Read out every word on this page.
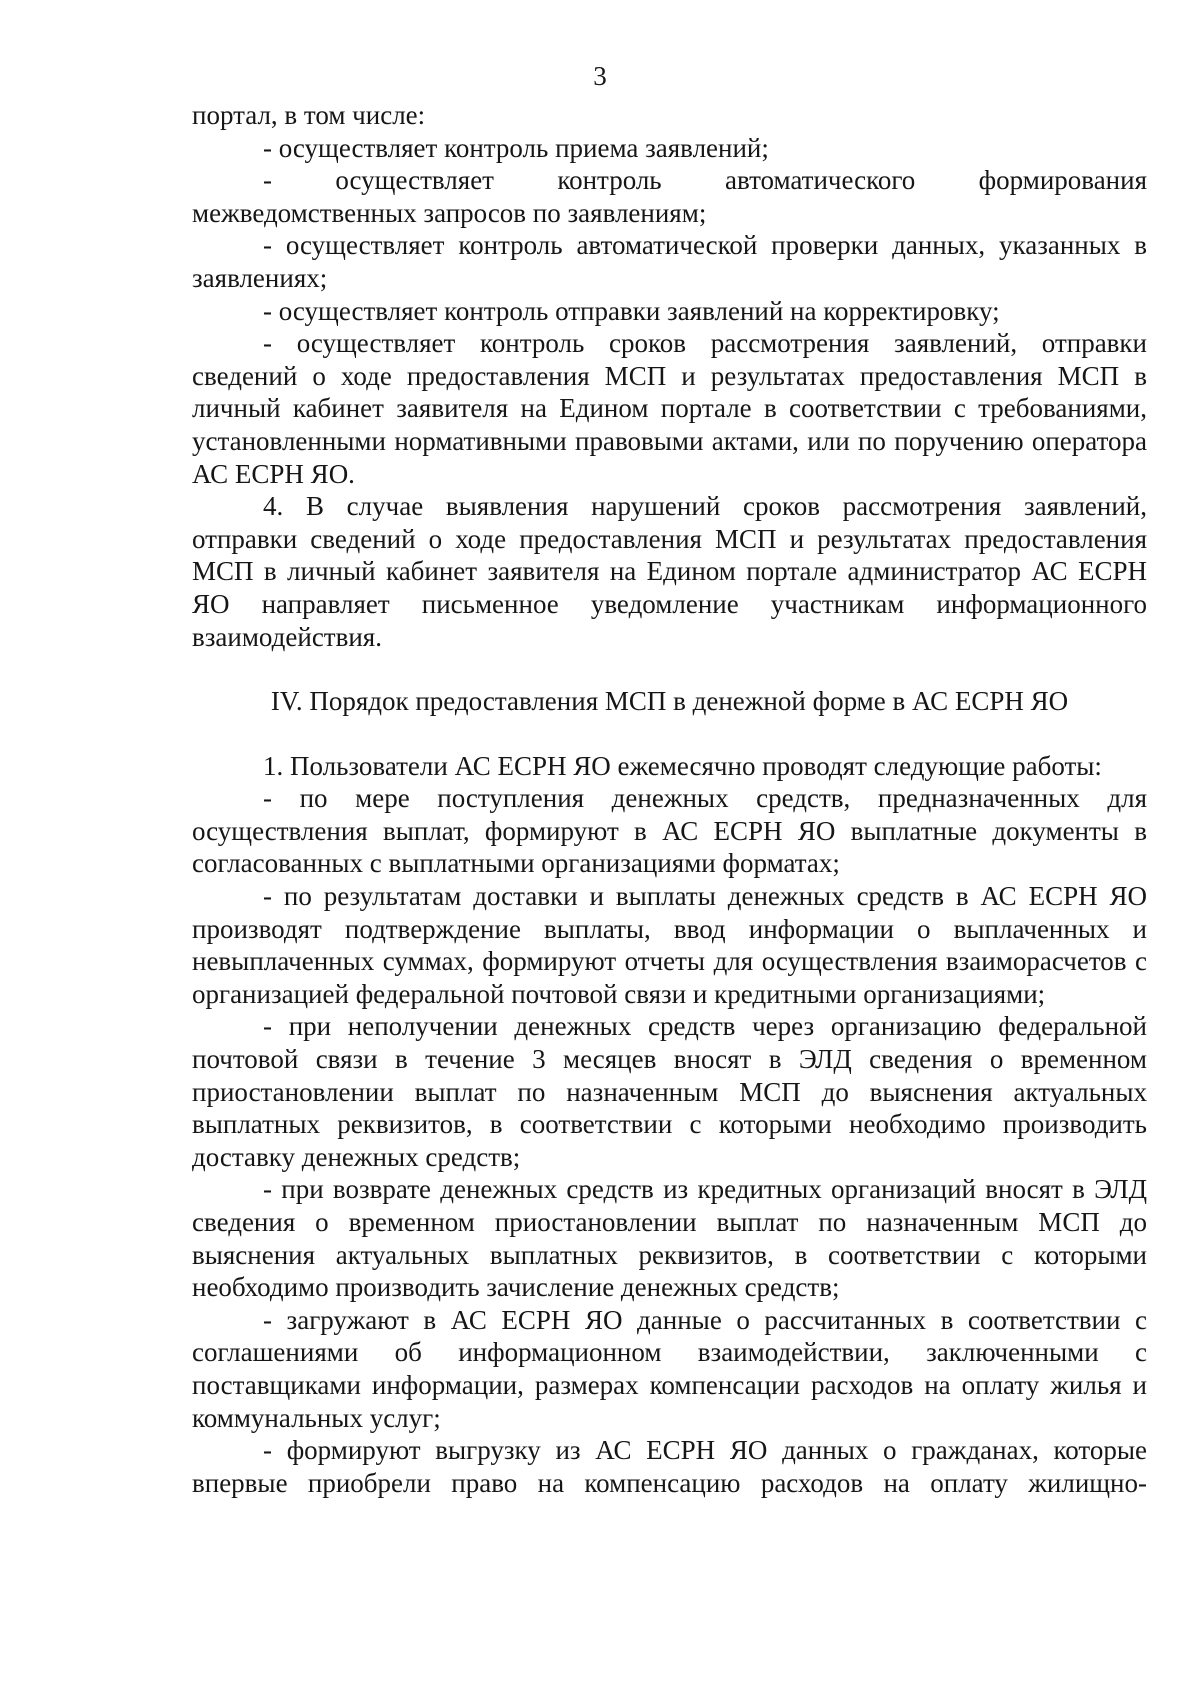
3

портал, в том числе:

- осуществляет контроль приема заявлений;

- осуществляет контроль автоматического формирования межведомственных запросов по заявлениям;

- осуществляет контроль автоматической проверки данных, указанных в заявлениях;

- осуществляет контроль отправки заявлений на корректировку;

- осуществляет контроль сроков рассмотрения заявлений, отправки сведений о ходе предоставления МСП и результатах предоставления МСП в личный кабинет заявителя на Едином портале в соответствии с требованиями, установленными нормативными правовыми актами, или по поручению оператора АС ЕСРН ЯО.

4. В случае выявления нарушений сроков рассмотрения заявлений, отправки сведений о ходе предоставления МСП и результатах предоставления МСП в личный кабинет заявителя на Едином портале администратор АС ЕСРН ЯО направляет письменное уведомление участникам информационного взаимодействия.

IV. Порядок предоставления МСП в денежной форме в АС ЕСРН ЯО

1. Пользователи АС ЕСРН ЯО ежемесячно проводят следующие работы:

- по мере поступления денежных средств, предназначенных для осуществления выплат, формируют в АС ЕСРН ЯО выплатные документы в согласованных с выплатными организациями форматах;

- по результатам доставки и выплаты денежных средств в АС ЕСРН ЯО производят подтверждение выплаты, ввод информации о выплаченных и невыплаченных суммах, формируют отчеты для осуществления взаиморасчетов с организацией федеральной почтовой связи и кредитными организациями;

- при неполучении денежных средств через организацию федеральной почтовой связи в течение 3 месяцев вносят в ЭЛД сведения о временном приостановлении выплат по назначенным МСП до выяснения актуальных выплатных реквизитов, в соответствии с которыми необходимо производить доставку денежных средств;

- при возврате денежных средств из кредитных организаций вносят в ЭЛД сведения о временном приостановлении выплат по назначенным МСП до выяснения актуальных выплатных реквизитов, в соответствии с которыми необходимо производить зачисление денежных средств;

- загружают в АС ЕСРН ЯО данные о рассчитанных в соответствии с соглашениями об информационном взаимодействии, заключенными с поставщиками информации, размерах компенсации расходов на оплату жилья и коммунальных услуг;

- формируют выгрузку из АС ЕСРН ЯО данных о гражданах, которые впервые приобрели право на компенсацию расходов на оплату жилищно-
